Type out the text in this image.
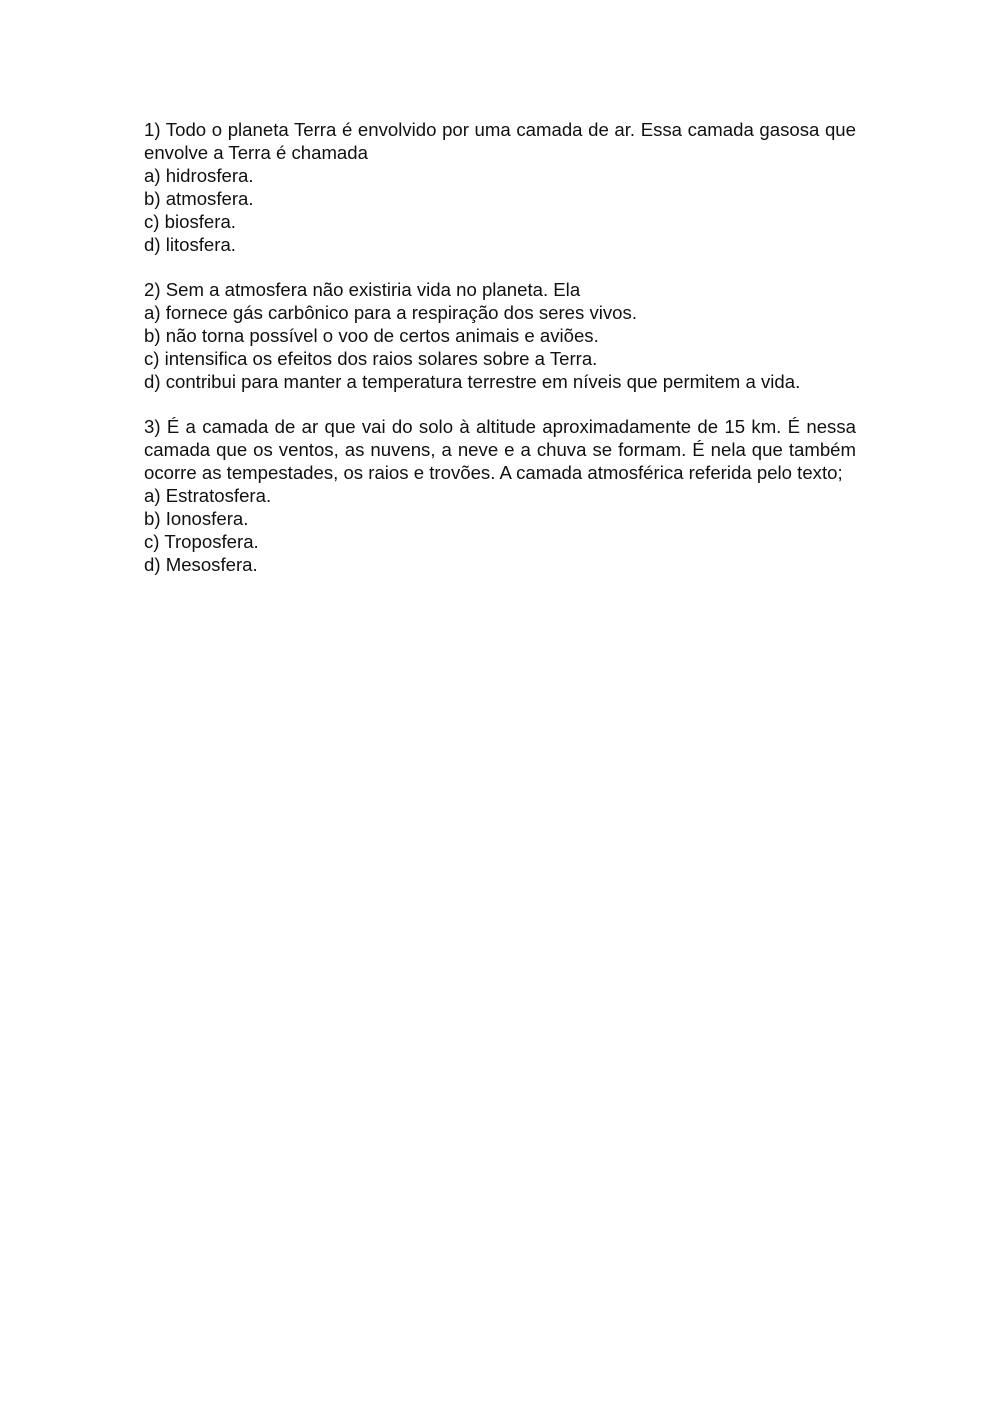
1) Todo o planeta Terra é envolvido por uma camada de ar. Essa camada gasosa que envolve a Terra é chamada

a) hidrosfera.
b) atmosfera.
c) biosfera.
d) litosfera.

2) Sem a atmosfera não existiria vida no planeta. Ela

a) fornece gás carbônico para a respiração dos seres vivos.
b) não torna possível o voo de certos animais e aviões.
c) intensifica os efeitos dos raios solares sobre a Terra.
d) contribui para manter a temperatura terrestre em níveis que permitem a vida.

3) É a camada de ar que vai do solo à altitude aproximadamente de 15 km. É nessa camada que os ventos, as nuvens, a neve e a chuva se formam. É nela que também ocorre as tempestades, os raios e trovões. A camada atmosférica referida pelo texto;

a) Estratosfera.
b) Ionosfera.
c) Troposfera.
d) Mesosfera.
